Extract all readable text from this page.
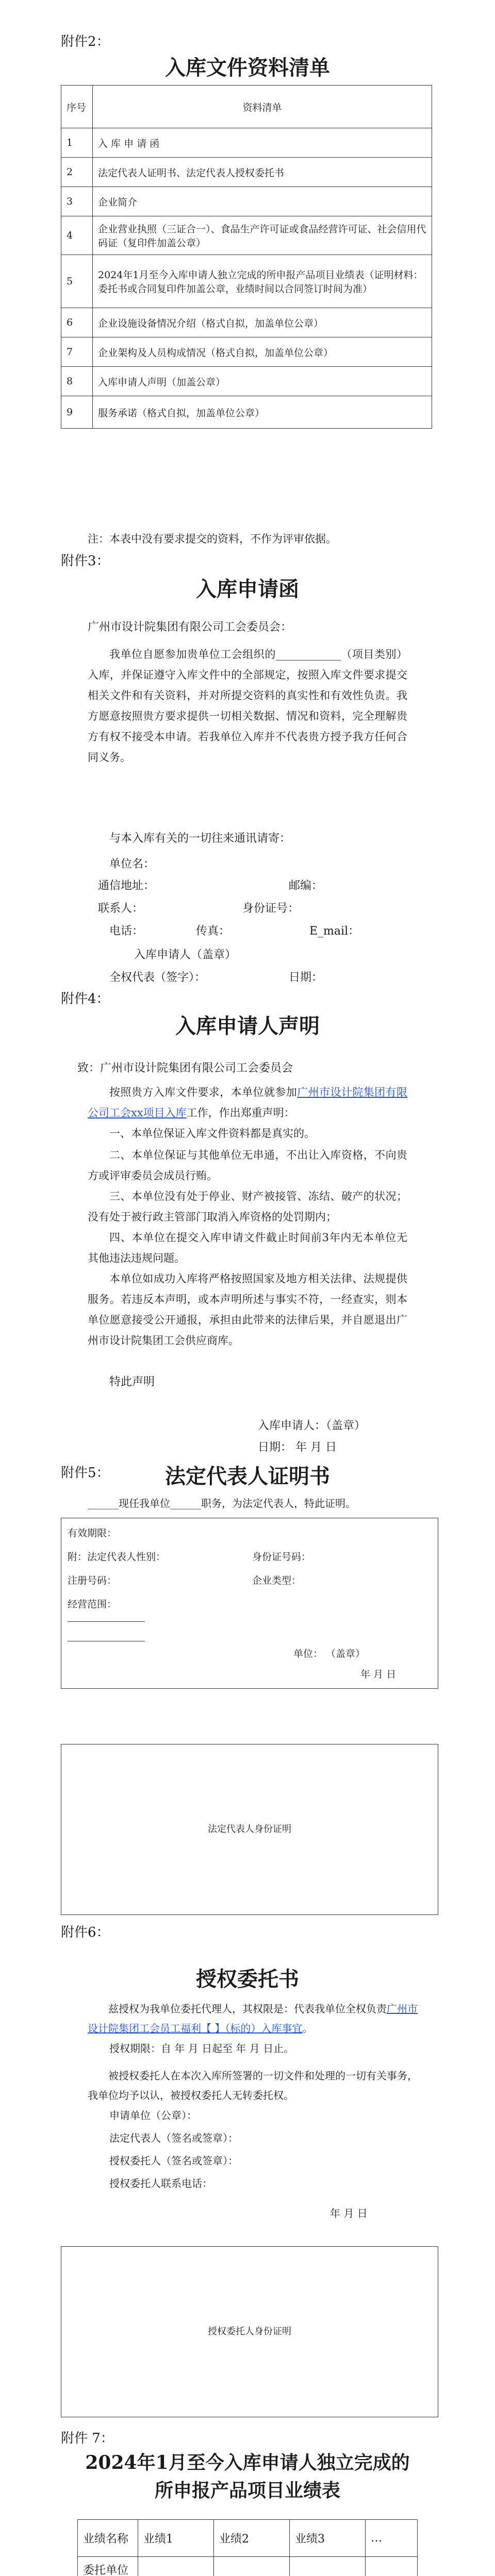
附件2：
入库文件资料清单
序号	资料清单
1	入 库 申 请 函
2	法定代表人证明书、法定代表人授权委托书
3	企业简介
4	企业营业执照（三证合一）、食品生产许可证或食品经营许可证、社会信用代码证（复印件加盖公章）
5	2024年1月至今入库申请人独立完成的所申报产品项目业绩表（证明材料：委托书或合同复印件加盖公章，业绩时间以合同签订时间为准）
6	企业设施设备情况介绍（格式自拟，加盖单位公章）
7	企业架构及人员构成情况（格式自拟，加盖单位公章）
8	入库申请人声明（加盖公章）
9	服务承诺（格式自拟，加盖单位公章）
注：本表中没有要求提交的资料，不作为评审依据。
附件3：
入库申请函
广州市设计院集团有限公司工会委员会：
我单位自愿参加贵单位工会组织的____________（项目类别）入库，并保证遵守入库文件中的全部规定，按照入库文件要求提交相关文件和有关资料，并对所提交资料的真实性和有效性负责。我方愿意按照贵方要求提供一切相关数据、情况和资料，完全理解贵方有权不接受本申请。若我单位入库并不代表贵方授予我方任何合同义务。
与本入库有关的一切往来通讯请寄：
单位名：
通信地址：	邮编：
联系人：	身份证号：
电话：	传真：	E_mail：
入库申请人（盖章）
全权代表（签字）：	日期：
附件4：
入库申请人声明
致：广州市设计院集团有限公司工会委员会
按照贵方入库文件要求，本单位就参加广州市设计院集团有限公司工会xx项目入库工作，作出郑重声明：
一、本单位保证入库文件资料都是真实的。
二、本单位保证与其他单位无串通，不出让入库资格，不向贵方或评审委员会成员行贿。
三、本单位没有处于停业、财产被接管、冻结、破产的状况；没有处于被行政主管部门取消入库资格的处罚期内；
四、本单位在提交入库申请文件截止时间前3年内无本单位无其他违法违规问题。
本单位如成功入库将严格按照国家及地方相关法律、法规提供服务。若违反本声明，或本声明所述与事实不符，一经查实，则本单位愿意接受公开通报，承担由此带来的法律后果，并自愿退出广州市设计院集团工会供应商库。
特此声明
入库申请人：（盖章）
日期： 年 月 日
附件5：	法定代表人证明书
______现任我单位______职务，为法定代表人，特此证明。
有效期限：
附：法定代表人性别：	身份证号码：
注册号码：	企业类型：
经营范围：
单位： （盖章）
年 月 日
法定代表人身份证明
附件6：
授权委托书
兹授权为我单位委托代理人，其权限是：代表我单位全权负责广州市设计院集团工会员工福利【 】（标的）入库事宜。
授权期限：自 年 月 日起至 年 月 日止。
被授权委托人在本次入库所签署的一切文件和处理的一切有关事务，我单位均予以认，被授权委托人无转委托权。
申请单位（公章）：
法定代表人（签名或签章）：
授权委托人（签名或签章）：
授权委托人联系电话：
年 月 日
授权委托人身份证明
附件 7：
2024年1月至今入库申请人独立完成的
所申报产品项目业绩表
业绩名称	业绩1	业绩2	业绩3	…
委托单位				
